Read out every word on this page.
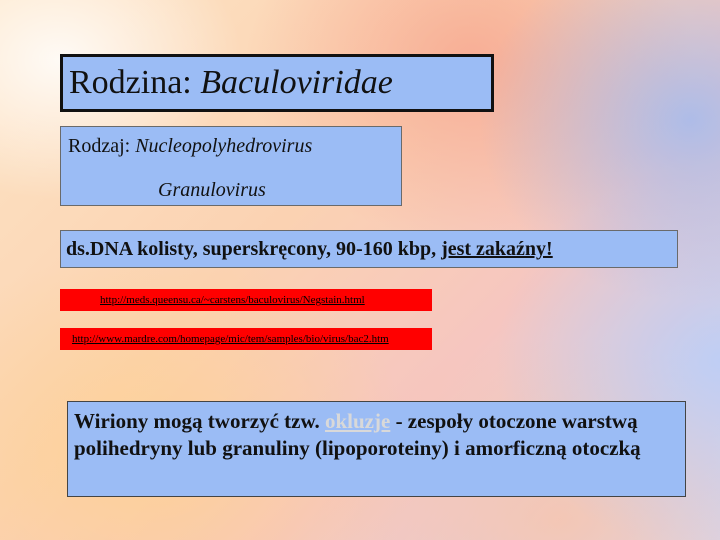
Rodzina: Baculoviridae
Rodzaj: Nucleopolyhedrovirus
Granulovirus
ds.DNA kolisty, superskręcony, 90-160 kbp, jest zakaźny!
http://meds.queensu.ca/~carstens/baculovirus/Negstain.html
http://www.mardre.com/homepage/mic/tem/samples/bio/virus/bac2.htm
Wiriony mogą tworzyć tzw. okluzje - zespoły otoczone warstwą polihedryny lub granuliny (lipoporoteiny) i amorficzną otoczką
